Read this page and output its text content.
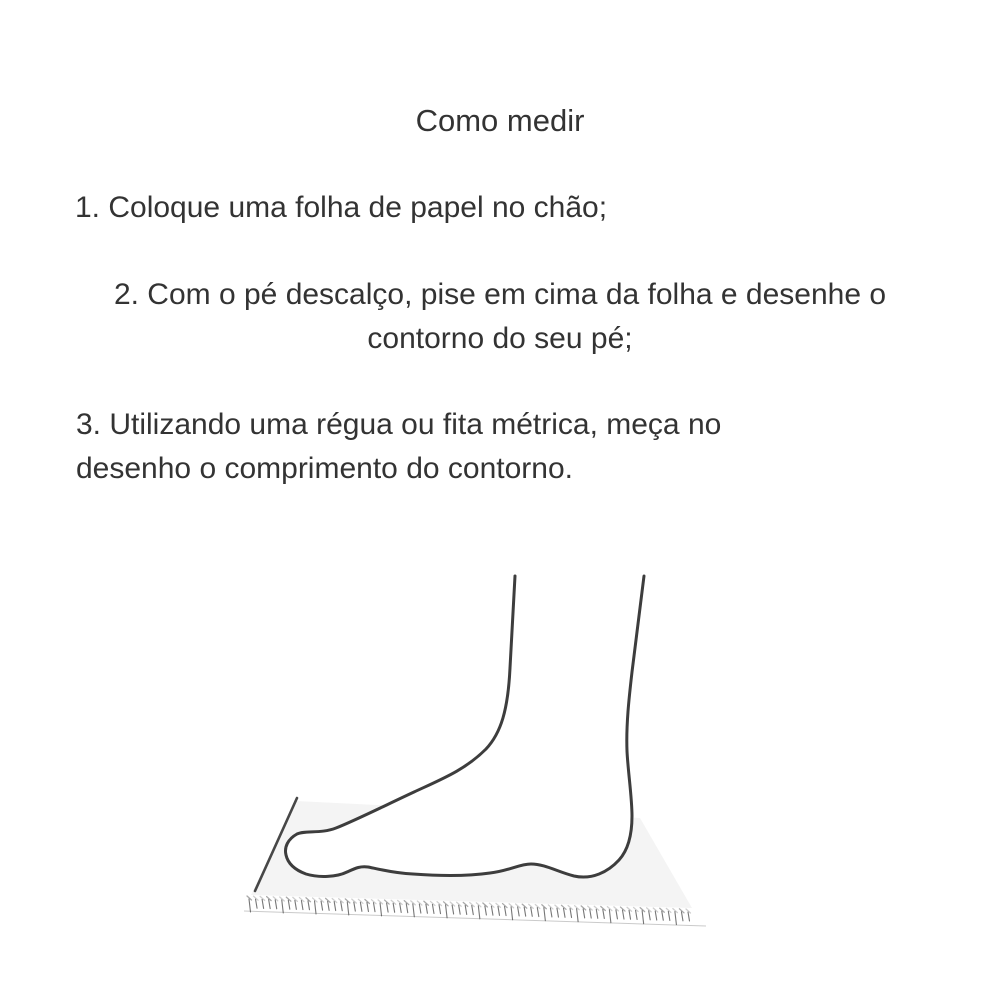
Como medir
1. Coloque uma folha de papel no chão;
2. Com o pé descalço, pise em cima da folha e desenhe o
contorno do seu pé;
3. Utilizando uma régua ou fita métrica, meça no
desenho o comprimento do contorno.
